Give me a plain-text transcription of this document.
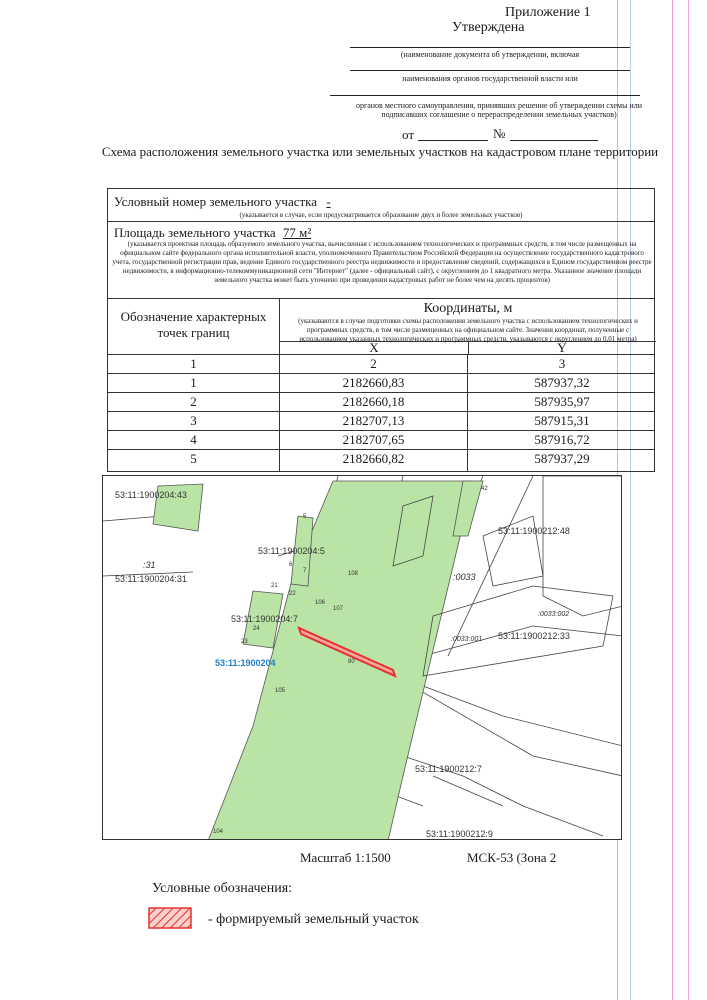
Приложение 1
Утверждена
(наименование документа об утверждении, включая
наименования органов государственной власти или
органов местного самоуправления, принявших решение об утверждении схемы или
подписавших соглашение о перераспределении земельных участков)
от	№
Схема расположения земельного участка или земельных участков на кадастровом плане территории
Условный номер земельного участка -
(указывается в случае, если предусматривается образование двух и более земельных участков)
Площадь земельного участка 77 м²
(указывается проектная площадь образуемого земельного участка, вычисленная с использованием технологических и программных средств, в том числе размещенных на официальном сайте федерального органа исполнительной власти, уполномоченного Правительством Российской Федерации на осуществление государственного кадастрового учета, государственной регистрации прав, ведение Единого государственного реестра недвижимости и предоставление сведений, содержащихся в Едином государственном реестре недвижимости, в информационно-телекоммуникационной сети "Интернет" (далее - официальный сайт), с округлением до 1 квадратного метра. Указанное значение площади земельного участка может быть уточнено при проведении кадастровых работ не более чем на десять процентов)
Обозначение характерных точек границ
Координаты, м
(указываются в случае подготовки схемы расположения земельного участка с использованием технологических и программных средств, в том числе размещенных на официальном сайте. Значения координат, полученные с использованием указанных технологических и программных средств, указываются с округлением до 0,01 метра)
X	Y
1	2	3
1	2182660,83	587937,32
2	2182660,18	587935,97
3	2182707,13	587915,31
4	2182707,65	587916,72
5	2182660,82	587937,29
53:11:1900204:43
53:11:1900204:31
53:11:1900204:5
53:11:1900204:7
53:11:1900204
53:11:1900212:48
53:11:1900212:33
53:11:1900212:7
53:11:1900212:9
:0033
:0033:001
:0033:002
:31
42
5
6
7
21
22
23
24
105
106
107
108
80
104
Масштаб 1:1500	МСК-53 (Зона 2
Условные обозначения:
- формируемый земельный участок
